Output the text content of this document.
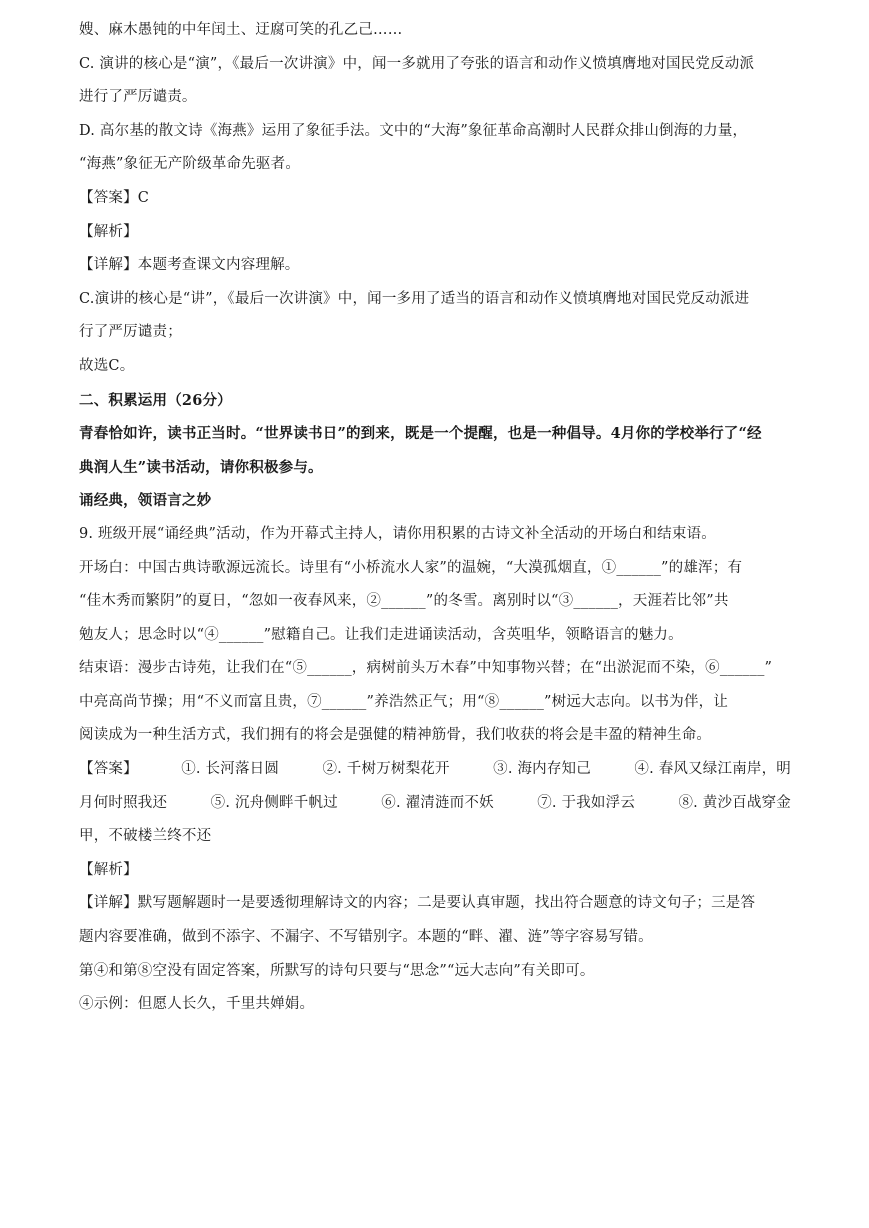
嫂、麻木愚钝的中年闰土、迂腐可笑的孔乙己……
C. 演讲的核心是“演”，《最后一次讲演》中，闻一多就用了夸张的语言和动作义愤填膺地对国民党反动派
进行了严厉谴责。
D. 高尔基的散文诗《海燕》运用了象征手法。文中的“大海”象征革命高潮时人民群众排山倒海的力量，
“海燕”象征无产阶级革命先驱者。
【答案】C
【解析】
【详解】本题考查课文内容理解。
C.演讲的核心是“讲”，《最后一次讲演》中，闻一多用了适当的语言和动作义愤填膺地对国民党反动派进
行了严厉谴责；
故选C。
二、积累运用（26分）
青春恰如许，读书正当时。“世界读书日”的到来，既是一个提醒，也是一种倡导。4月你的学校举行了“经
典润人生”读书活动，请你积极参与。
诵经典，领语言之妙
9. 班级开展“诵经典”活动，作为开幕式主持人，请你用积累的古诗文补全活动的开场白和结束语。
开场白：中国古典诗歌源远流长。诗里有“小桥流水人家”的温婉，“大漠孤烟直，①______”的雄浑；有
“佳木秀而繁阴”的夏日，“忽如一夜春风来，②______”的冬雪。离别时以“③______，天涯若比邻”共
勉友人；思念时以“④______”慰籍自己。让我们走进诵读活动，含英咀华，领略语言的魅力。
结束语：漫步古诗苑，让我们在“⑤______，病树前头万木春”中知事物兴替；在“出淤泥而不染，⑥______”
中亮高尚节操；用“不义而富且贵，⑦______”养浩然正气；用“⑧______”树远大志向。以书为伴，让
阅读成为一种生活方式，我们拥有的将会是强健的精神筋骨，我们收获的将会是丰盈的精神生命。
【答案】	①. 长河落日圆	②. 千树万树梨花开	③. 海内存知己	④. 春风又绿江南岸，明
月何时照我还	⑤. 沉舟侧畔千帆过	⑥. 濯清涟而不妖	⑦. 于我如浮云	⑧. 黄沙百战穿金
甲，不破楼兰终不还
【解析】
【详解】默写题解题时一是要透彻理解诗文的内容；二是要认真审题，找出符合题意的诗文句子；三是答
题内容要准确，做到不添字、不漏字、不写错别字。本题的“畔、濯、涟”等字容易写错。
第④和第⑧空没有固定答案，所默写的诗句只要与“思念”“远大志向”有关即可。
④示例：但愿人长久，千里共婵娟。
